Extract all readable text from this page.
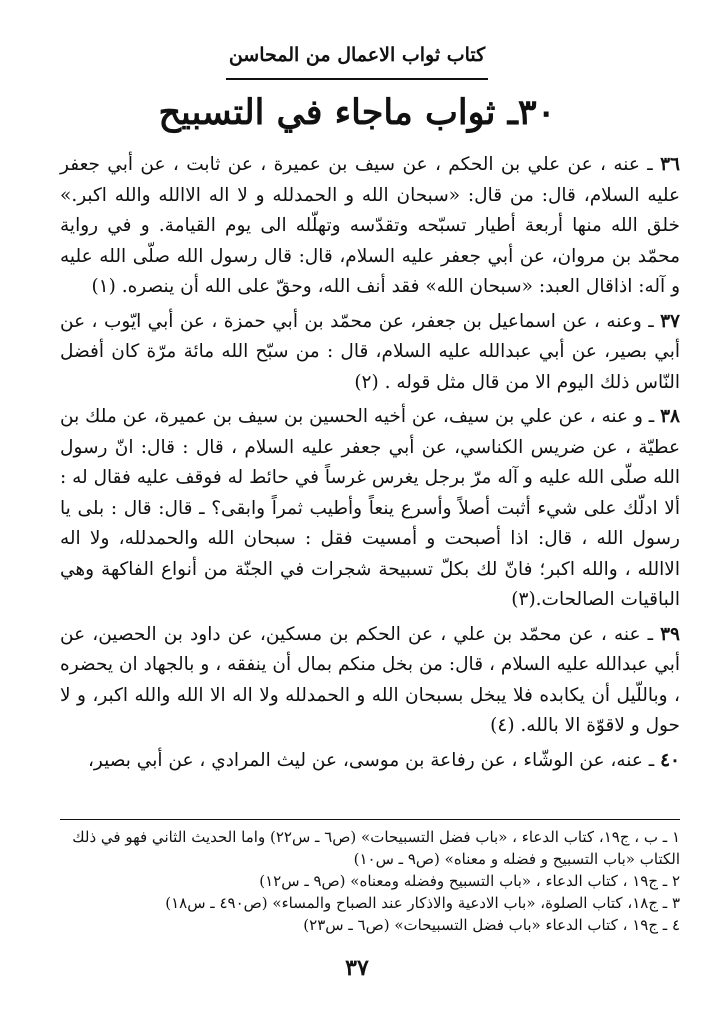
كتاب ثواب الاعمال من المحاسن
٣٠ـ ثواب ماجاء في التسبيح

٣٦ ـ عنه ، عن علي بن الحكم ، عن سيف بن عميرة ، عن ثابت ، عن أبي جعفر عليه السلام، قال: من قال: «سبحان الله و الحمدلله و لا اله الاالله والله اكبر.» خلق الله منها أربعة أطيار تسبّحه وتقدّسه وتهلّله الى يوم القيامة. و في رواية محمّد بن مروان، عن أبي جعفر عليه السلام، قال: قال رسول الله صلّى الله عليه و آله: اذاقال العبد: «سبحان الله» فقد أنف الله، وحقّ على الله أن ينصره. (١)

٣٧ ـ وعنه ، عن اسماعيل بن جعفر، عن محمّد بن أبي حمزة ، عن أبي ايّوب ، عن أبي بصير، عن أبي عبدالله عليه السلام، قال : من سبّح الله مائة مرّة كان أفضل النّاس ذلك اليوم الا من قال مثل قوله . (٢)

٣٨ ـ و عنه ، عن علي بن سيف، عن أخيه الحسين بن سيف بن عميرة، عن ملك بن عطيّة ، عن ضريس الكناسي، عن أبي جعفر عليه السلام ، قال : قال: انّ رسول الله صلّى الله عليه و آله مرّ برجل يغرس غرساً في حائط له فوقف عليه فقال له : ألا ادلّك على شيء أثبت أصلاً وأسرع ينعاً وأطيب ثمراً وابقى؟ ـ قال: قال : بلى يا رسول الله ، قال: اذا أصبحت و أمسيت فقل : سبحان الله والحمدلله، ولا اله الاالله ، والله اكبر؛ فانّ لك بكلّ تسبيحة شجرات في الجنّة من أنواع الفاكهة وهي الباقيات الصالحات.(٣)

٣٩ ـ عنه ، عن محمّد بن علي ، عن الحكم بن مسكين، عن داود بن الحصين، عن أبي عبدالله عليه السلام ، قال: من بخل منكم بمال أن ينفقه ، و بالجهاد ان يحضره ، وباللّيل أن يكابده فلا يبخل بسبحان الله و الحمدلله ولا اله الا الله والله اكبر، و لا حول و لاقوّة الا بالله. (٤)

٤٠ ـ عنه، عن الوشّاء ، عن رفاعة بن موسى، عن ليث المرادي ، عن أبي بصير،

١ ـ ب ، ج١٩، كتاب الدعاء ، «باب فضل التسبيحات» (ص٦ ـ س٢٢) واما الحديث الثاني فهو في ذلك الكتاب «باب التسبيح و فضله و معناه» (ص٩ ـ س١٠)
٢ ـ ج١٩ ، كتاب الدعاء ، «باب التسبيح وفضله ومعناه» (ص٩ ـ س١٢)
٣ ـ ج١٨، كتاب الصلوة، «باب الادعية والاذكار عند الصباح والمساء» (ص٤٩٠ ـ س١٨)
٤ ـ ج١٩ ، كتاب الدعاء «باب فضل التسبيحات» (ص٦ ـ س٢٣)
٣٧
